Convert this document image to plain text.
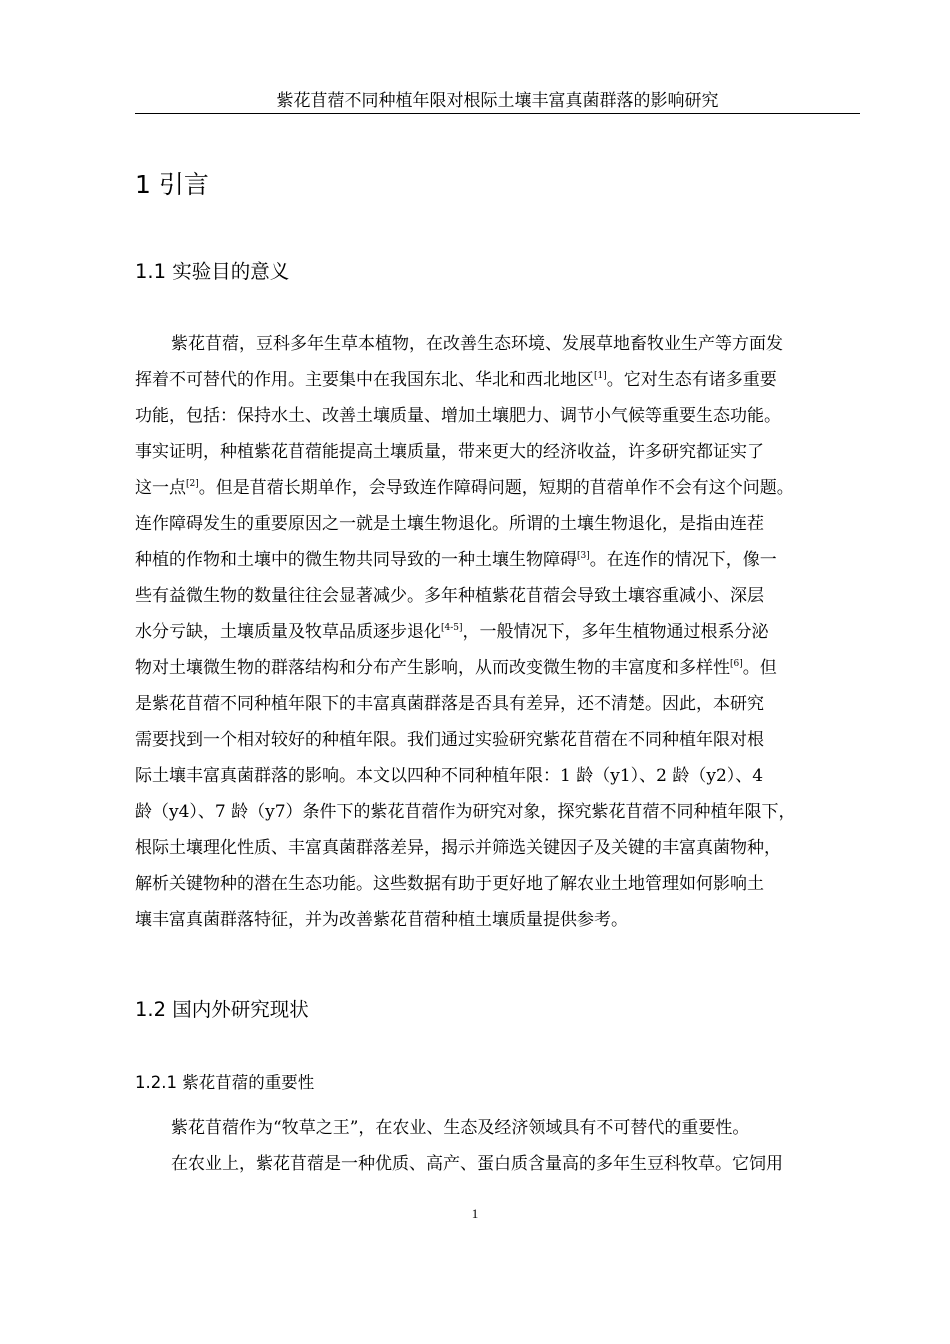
紫花苜蓿不同种植年限对根际土壤丰富真菌群落的影响研究
1 引言
1.1 实验目的意义
紫花苜蓿，豆科多年生草本植物，在改善生态环境、发展草地畜牧业生产等方面发
挥着不可替代的作用。主要集中在我国东北、华北和西北地区[1]。它对生态有诸多重要
功能，包括：保持水土、改善土壤质量、增加土壤肥力、调节小气候等重要生态功能。
事实证明，种植紫花苜蓿能提高土壤质量，带来更大的经济收益，许多研究都证实了
这一点[2]。但是苜蓿长期单作，会导致连作障碍问题，短期的苜蓿单作不会有这个问题。
连作障碍发生的重要原因之一就是土壤生物退化。所谓的土壤生物退化，是指由连茬
种植的作物和土壤中的微生物共同导致的一种土壤生物障碍[3]。在连作的情况下，像一
些有益微生物的数量往往会显著减少。多年种植紫花苜蓿会导致土壤容重减小、深层
水分亏缺，土壤质量及牧草品质逐步退化[4-5]，一般情况下，多年生植物通过根系分泌
物对土壤微生物的群落结构和分布产生影响，从而改变微生物的丰富度和多样性[6]。但
是紫花苜蓿不同种植年限下的丰富真菌群落是否具有差异，还不清楚。因此，本研究
需要找到一个相对较好的种植年限。我们通过实验研究紫花苜蓿在不同种植年限对根
际土壤丰富真菌群落的影响。本文以四种不同种植年限：1 龄（y1）、2 龄（y2）、4
龄（y4）、7 龄（y7）条件下的紫花苜蓿作为研究对象，探究紫花苜蓿不同种植年限下，
根际土壤理化性质、丰富真菌群落差异，揭示并筛选关键因子及关键的丰富真菌物种，
解析关键物种的潜在生态功能。这些数据有助于更好地了解农业土地管理如何影响土
壤丰富真菌群落特征，并为改善紫花苜蓿种植土壤质量提供参考。
1.2 国内外研究现状
1.2.1 紫花苜蓿的重要性
紫花苜蓿作为“牧草之王”，在农业、生态及经济领域具有不可替代的重要性。
在农业上，紫花苜蓿是一种优质、高产、蛋白质含量高的多年生豆科牧草。它饲用
1
